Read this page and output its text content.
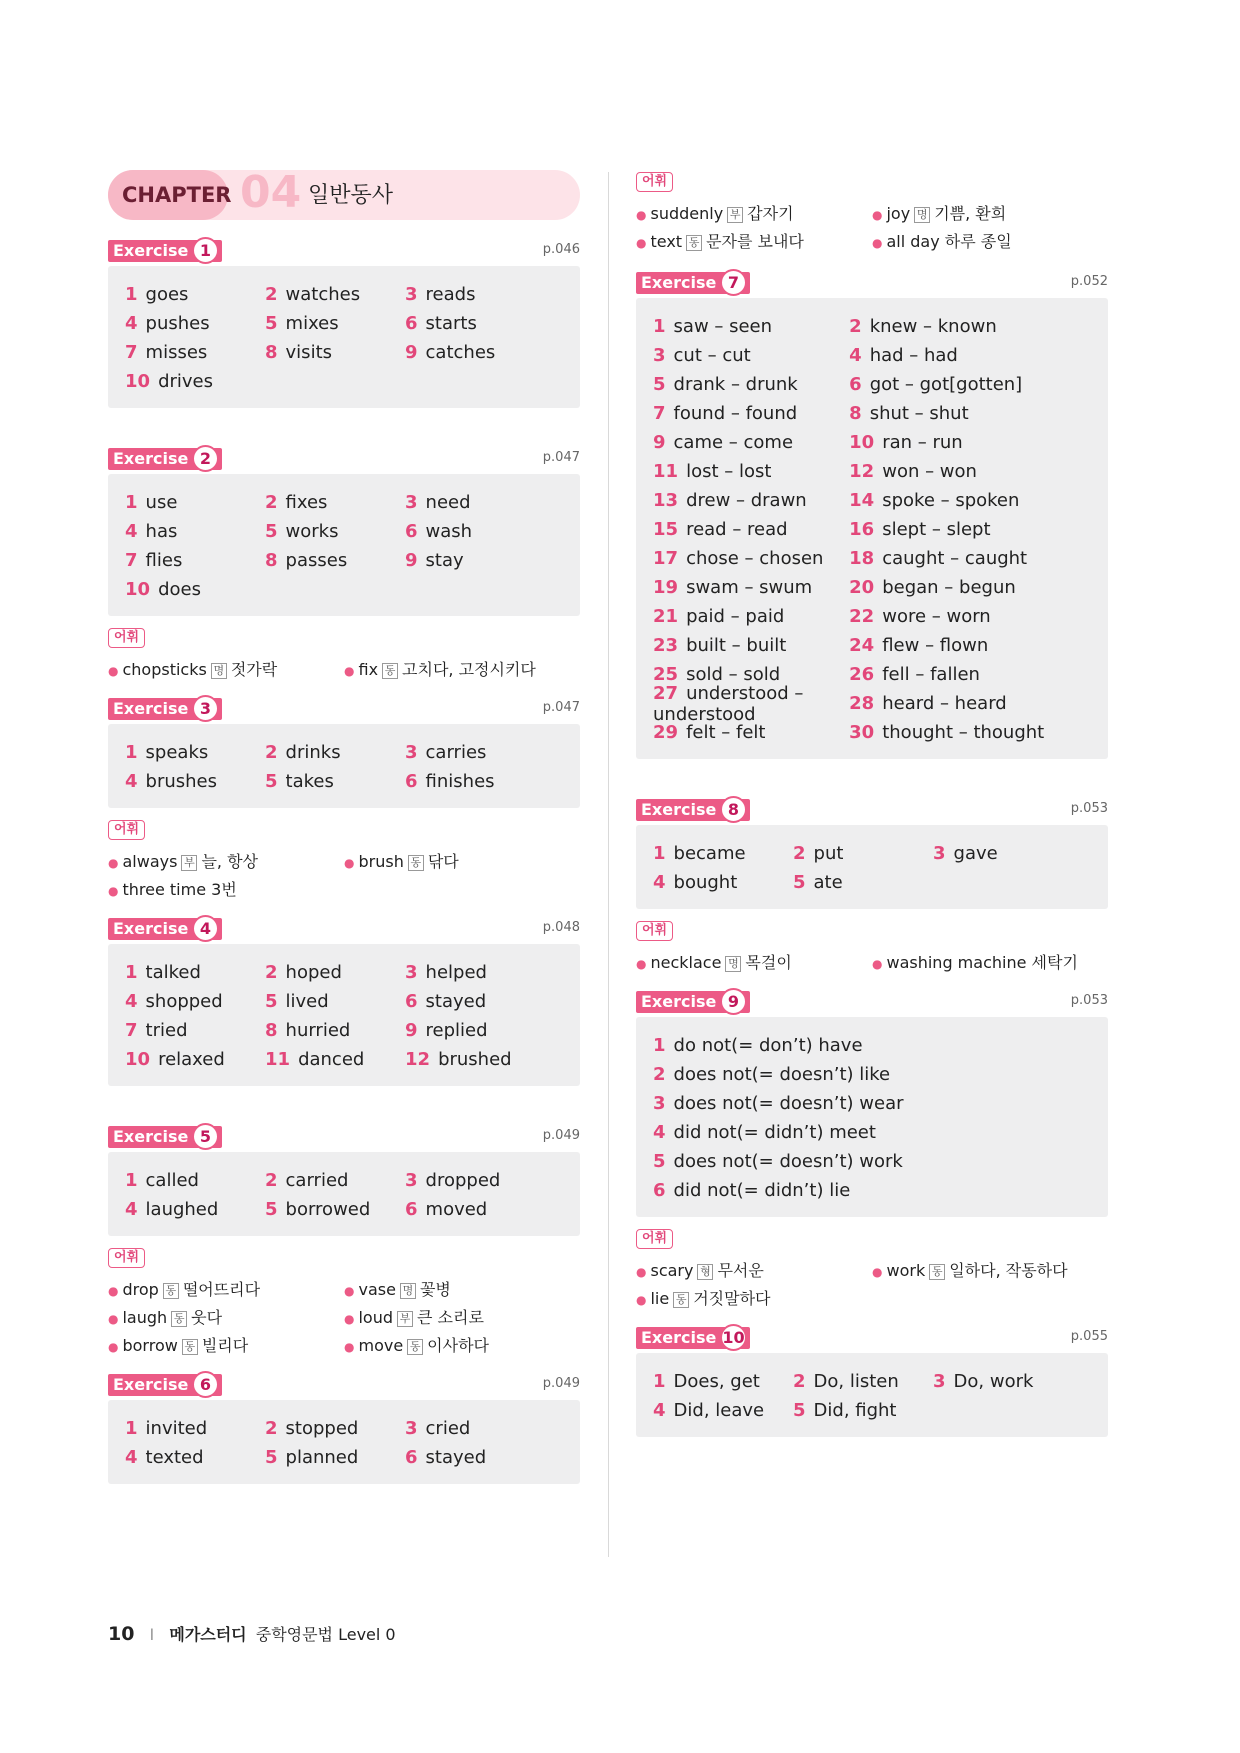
CHAPTER 04 일반동사
Exercise 1	p.046
1 goes	2 watches	3 reads
4 pushes	5 mixes	6 starts
7 misses	8 visits	9 catches
10 drives
Exercise 2	p.047
1 use	2 fixes	3 need
4 has	5 works	6 wash
7 flies	8 passes	9 stay
10 does
어휘
● chopsticks 명 젓가락	● fix 동 고치다, 고정시키다
Exercise 3	p.047
1 speaks	2 drinks	3 carries
4 brushes	5 takes	6 finishes
어휘
● always 부 늘, 항상	● brush 동 닦다
● three time 3번
Exercise 4	p.048
1 talked	2 hoped	3 helped
4 shopped	5 lived	6 stayed
7 tried	8 hurried	9 replied
10 relaxed	11 danced	12 brushed
Exercise 5	p.049
1 called	2 carried	3 dropped
4 laughed	5 borrowed	6 moved
어휘
● drop 동 떨어뜨리다	● vase 명 꽃병
● laugh 동 웃다	● loud 부 큰 소리로
● borrow 동 빌리다	● move 동 이사하다
Exercise 6	p.049
1 invited	2 stopped	3 cried
4 texted	5 planned	6 stayed
어휘
● suddenly 부 갑자기	● joy 명 기쁨, 환희
● text 동 문자를 보내다	● all day 하루 종일
Exercise 7	p.052
1 saw – seen	2 knew – known
3 cut – cut	4 had – had
5 drank – drunk	6 got – got[gotten]
7 found – found	8 shut – shut
9 came – come	10 ran – run
11 lost – lost	12 won – won
13 drew – drawn	14 spoke – spoken
15 read – read	16 slept – slept
17 chose – chosen	18 caught – caught
19 swam – swum	20 began – begun
21 paid – paid	22 wore – worn
23 built – built	24 flew – flown
25 sold – sold	26 fell – fallen
27 understood – understood	28 heard – heard
29 felt – felt	30 thought – thought
Exercise 8	p.053
1 became	2 put	3 gave
4 bought	5 ate
어휘
● necklace 명 목걸이	● washing machine 세탁기
Exercise 9	p.053
1 do not(= don’t) have
2 does not(= doesn’t) like
3 does not(= doesn’t) wear
4 did not(= didn’t) meet
5 does not(= doesn’t) work
6 did not(= didn’t) lie
어휘
● scary 형 무서운	● work 동 일하다, 작동하다
● lie 동 거짓말하다
Exercise 10	p.055
1 Does, get	2 Do, listen	3 Do, work
4 Did, leave	5 Did, fight
10 I 메가스터디 중학영문법 Level 0
